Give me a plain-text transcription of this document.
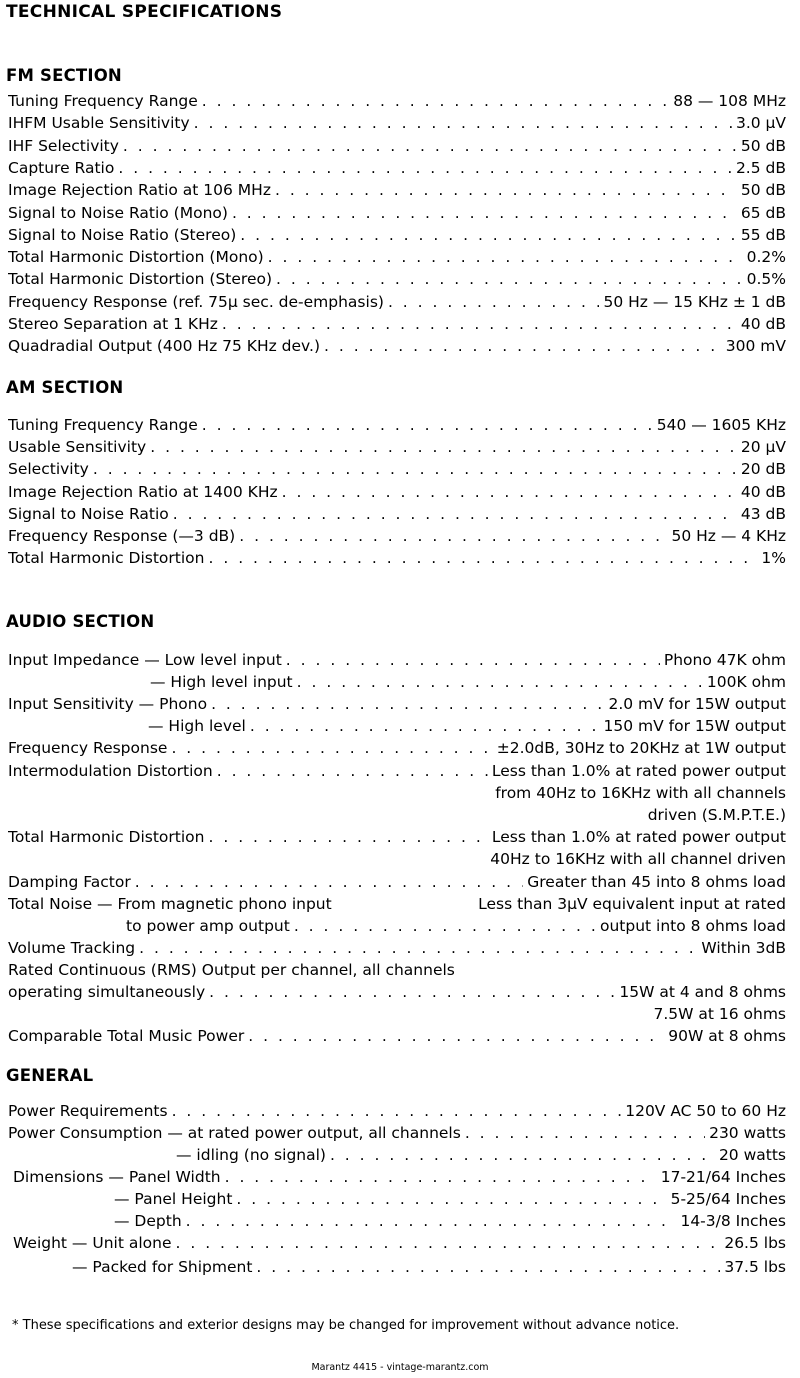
TECHNICAL SPECIFICATIONS
FM SECTION
Tuning Frequency Range . . .	88 — 108 MHz
IHFM Usable Sensitivity . . .	3.0 µV
IHF Selectivity . . .	50 dB
Capture Ratio . . .	2.5 dB
Image Rejection Ratio at 106 MHz . . .	50 dB
Signal to Noise Ratio (Mono) . . .	65 dB
Signal to Noise Ratio (Stereo) . . .	55 dB
Total Harmonic Distortion (Mono) . . .	0.2%
Total Harmonic Distortion (Stereo) . . .	0.5%
Frequency Response (ref. 75µ sec. de-emphasis) . . .	50 Hz — 15 KHz ± 1 dB
Stereo Separation at 1 KHz . . .	40 dB
Quadradial Output (400 Hz 75 KHz dev.) . . .	300 mV
AM SECTION
Tuning Frequency Range . . .	540 — 1605 KHz
Usable Sensitivity . . .	20 µV
Selectivity . . .	20 dB
Image Rejection Ratio at 1400 KHz . . .	40 dB
Signal to Noise Ratio . . .	43 dB
Frequency Response (—3 dB) . . .	50 Hz — 4 KHz
Total Harmonic Distortion . . .	1%
AUDIO SECTION
Input Impedance — Low level input . . .	Phono 47K ohm
— High level input . . .	100K ohm
Input Sensitivity — Phono . . .	2.0 mV for 15W output
— High level . . .	150 mV for 15W output
Frequency Response . . .	±2.0dB, 30Hz to 20KHz at 1W output
Intermodulation Distortion . . .	Less than 1.0% at rated power output
from 40Hz to 16KHz with all channels
driven (S.M.P.T.E.)
Total Harmonic Distortion . . .	Less than 1.0% at rated power output
40Hz to 16KHz with all channel driven
Damping Factor . . .	Greater than 45 into 8 ohms load
Total Noise — From magnetic phono input	Less than 3µV equivalent input at rated
to power amp output . . .	output into 8 ohms load
Volume Tracking . . .	Within 3dB
Rated Continuous (RMS) Output per channel, all channels
operating simultaneously . . .	15W at 4 and 8 ohms
7.5W at 16 ohms
Comparable Total Music Power . . .	90W at 8 ohms
GENERAL
Power Requirements . . .	120V AC 50 to 60 Hz
Power Consumption — at rated power output, all channels . . .	230 watts
— idling (no signal) . . .	20 watts
Dimensions — Panel Width . . .	17-21/64 Inches
— Panel Height . . .	5-25/64 Inches
— Depth . . .	14-3/8 Inches
Weight — Unit alone . . .	26.5 lbs
— Packed for Shipment . . .	37.5 lbs
* These specifications and exterior designs may be changed for improvement without advance notice.
Marantz 4415 - vintage-marantz.com
